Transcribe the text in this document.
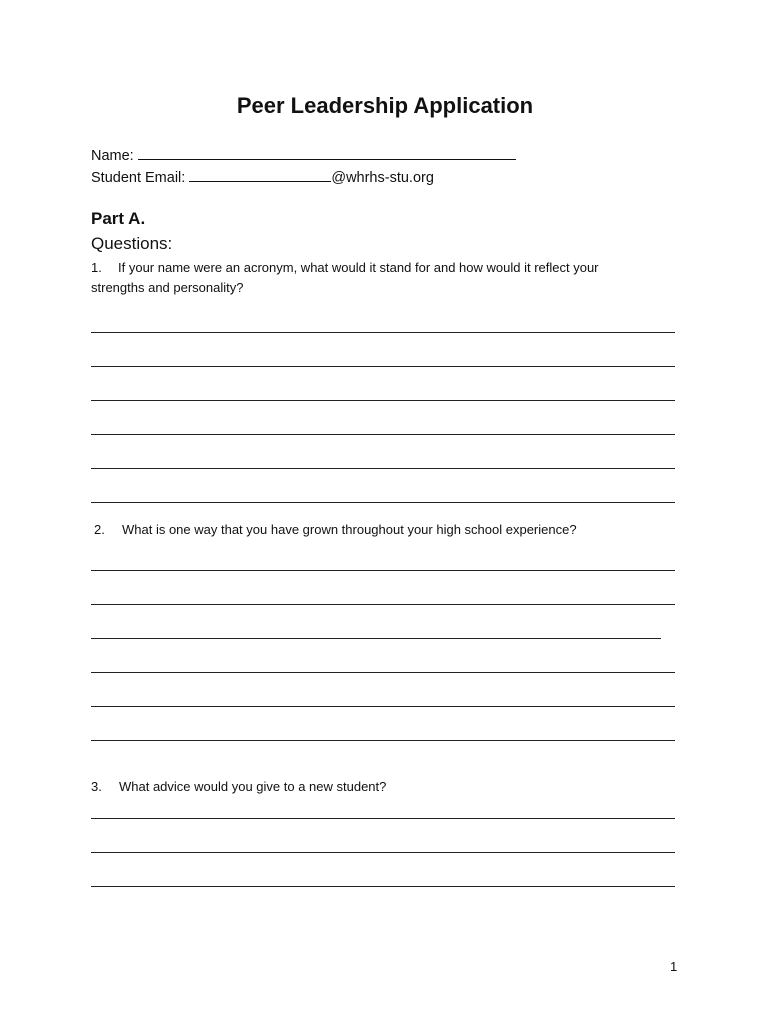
Peer Leadership Application
Name:
Student Email:	@whrhs-stu.org
Part A.
Questions:
1. If your name were an acronym, what would it stand for and how would it reflect your
strengths and personality?
2. What is one way that you have grown throughout your high school experience?
3. What advice would you give to a new student?
1
